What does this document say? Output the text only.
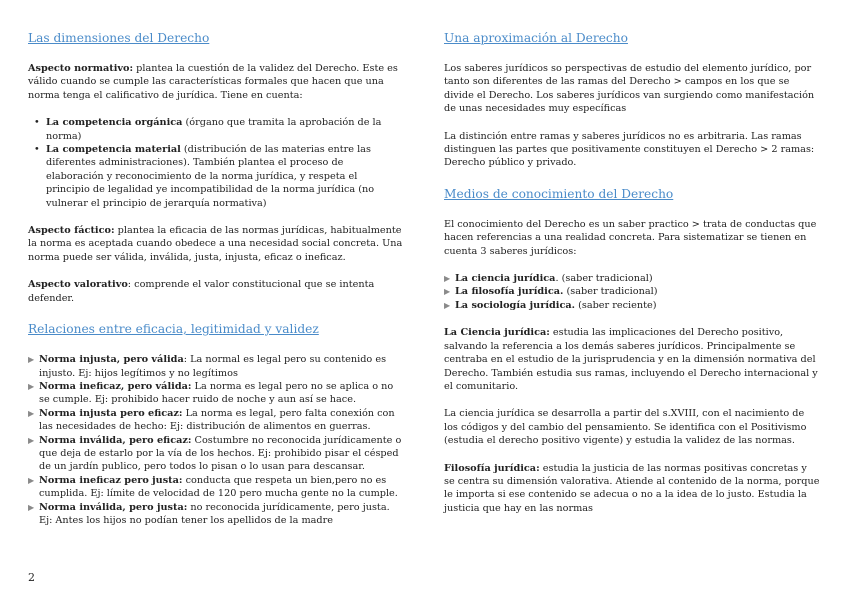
Las dimensiones del Derecho

Aspecto normativo: plantea la cuestión de la validez del Derecho. Este es válido cuando se cumple las características formales que hacen que una norma tenga el calificativo de jurídica. Tiene en cuenta:

• La competencia orgánica (órgano que tramita la aprobación de la norma)
• La competencia material (distribución de las materias entre las diferentes administraciones). También plantea el proceso de elaboración y reconocimiento de la norma jurídica, y respeta el principio de legalidad ye incompatibilidad de la norma jurídica (no vulnerar el principio de jerarquía normativa)

Aspecto fáctico: plantea la eficacia de las normas jurídicas, habitualmente la norma es aceptada cuando obedece a una necesidad social concreta. Una norma puede ser válida, inválida, justa, injusta, eficaz o ineficaz.

Aspecto valorativo: comprende el valor constitucional que se intenta defender.

Relaciones entre eficacia, legitimidad y validez
▶ Norma injusta, pero válida: La normal es legal pero su contenido es injusto. Ej: hijos legítimos y no legítimos
▶ Norma ineficaz, pero válida: La norma es legal pero no se aplica o no se cumple. Ej: prohibido hacer ruido de noche y aun así se hace.
▶ Norma injusta pero eficaz: La norma es legal, pero falta conexión con las necesidades de hecho: Ej: distribución de alimentos en guerras.
▶ Norma inválida, pero eficaz: Costumbre no reconocida jurídicamente o que deja de estarlo por la vía de los hechos. Ej: prohibido pisar el césped de un jardín publico, pero todos lo pisan o lo usan para descansar.
▶ Norma ineficaz pero justa: conducta que respeta un bien,pero no es cumplida. Ej: límite de velocidad de 120 pero mucha gente no la cumple.
▶ Norma inválida, pero justa: no reconocida jurídicamente, pero justa. Ej: Antes los hijos no podían tener los apellidos de la madre
Una aproximación al Derecho

Los saberes jurídicos so perspectivas de estudio del elemento jurídico, por tanto son diferentes de las ramas del Derecho > campos en los que se divide el Derecho. Los saberes jurídicos van surgiendo como manifestación de unas necesidades muy específicas

La distinción entre ramas y saberes jurídicos no es arbitraria. Las ramas distinguen las partes que positivamente constituyen el Derecho > 2 ramas: Derecho público y privado.

Medios de conocimiento del Derecho

El conocimiento del Derecho es un saber practico > trata de conductas que hacen referencias a una realidad concreta. Para sistematizar se tienen en cuenta 3 saberes jurídicos:

▶ La ciencia jurídica. (saber tradicional)
▶ La filosofía jurídica. (saber tradicional)
▶ La sociología jurídica. (saber reciente)

La Ciencia jurídica: estudia las implicaciones del Derecho positivo, salvando la referencia a los demás saberes jurídicos. Principalmente se centraba en el estudio de la jurisprudencia y en la dimensión normativa del Derecho. También estudia sus ramas, incluyendo el Derecho internacional y el comunitario.

La ciencia jurídica se desarrolla a partir del s.XVIII, con el nacimiento de los códigos y del cambio del pensamiento. Se identifica con el Positivismo (estudia el derecho positivo vigente) y estudia la validez de las normas.

Filosofía jurídica: estudia la justicia de las normas positivas concretas y se centra su dimensión valorativa. Atiende al contenido de la norma, porque le importa si ese contenido se adecua o no a la idea de lo justo. Estudia la justicia que hay en las normas

2
